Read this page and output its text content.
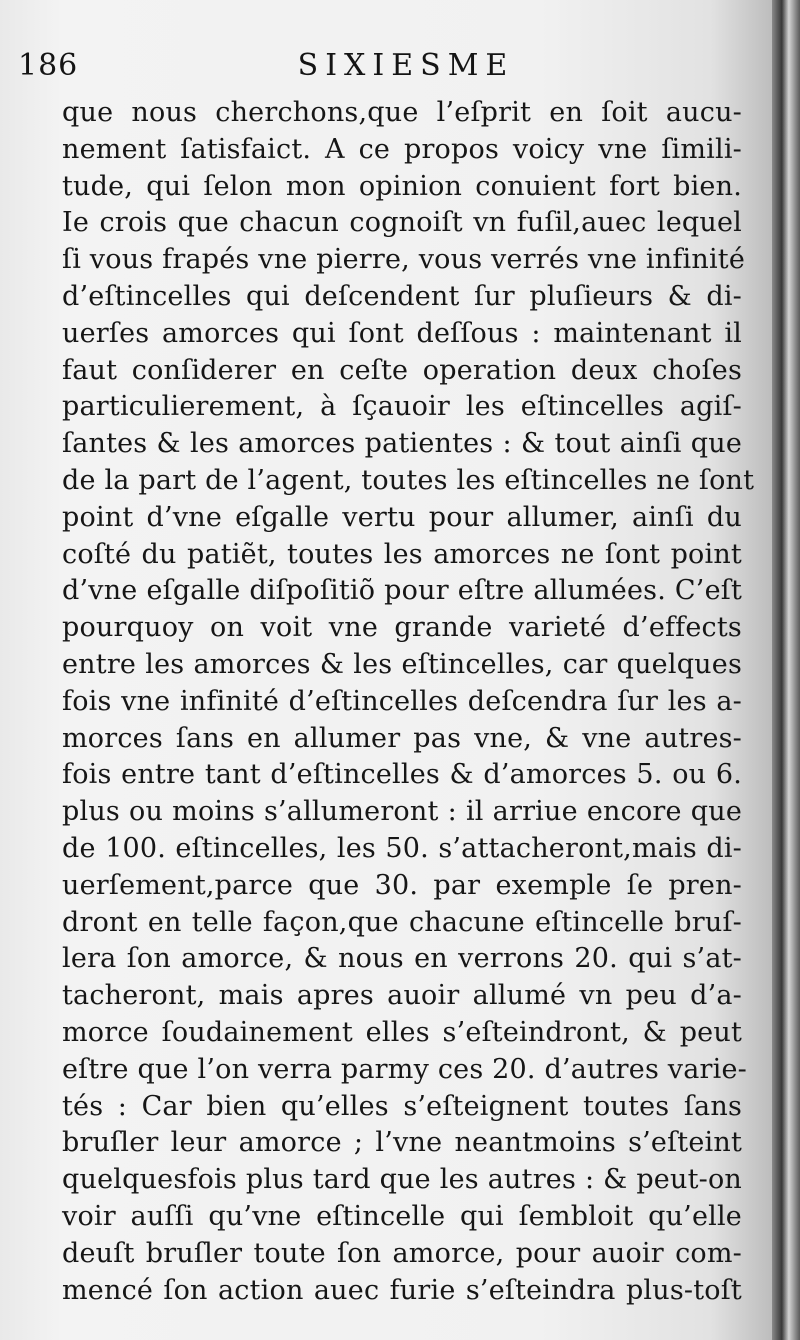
186	SIXIESME
que nous cherchons,que l’eſprit en ſoit aucu-
nement ſatisfaict. A ce propos voicy vne ſimili-
tude, qui ſelon mon opinion conuient fort bien.
Ie crois que chacun cognoiſt vn fuſil,auec lequel
ſi vous frapés vne pierre, vous verrés vne infinité
d’eſtincelles qui deſcendent ſur pluſieurs & di-
uerſes amorces qui ſont deſſous : maintenant il
faut conſiderer en ceſte operation deux choſes
particulierement, à ſçauoir les eſtincelles agiſ-
ſantes & les amorces patientes : & tout ainſi que
de la part de l’agent, toutes les eſtincelles ne ſont
point d’vne eſgalle vertu pour allumer, ainſi du
coſté du patiẽt, toutes les amorces ne ſont point
d’vne eſgalle diſpoſitiõ pour eſtre allumées. C’eſt
pourquoy on voit vne grande varieté d’effects
entre les amorces & les eſtincelles, car quelques
fois vne infinité d’eſtincelles deſcendra ſur les a-
morces ſans en allumer pas vne, & vne autres-
fois entre tant d’eſtincelles & d’amorces 5. ou 6.
plus ou moins s’allumeront : il arriue encore que
de 100. eſtincelles, les 50. s’attacheront,mais di-
uerſement,parce que 30. par exemple ſe pren-
dront en telle façon,que chacune eſtincelle bruſ-
lera ſon amorce, & nous en verrons 20. qui s’at-
tacheront, mais apres auoir allumé vn peu d’a-
morce ſoudainement elles s’eſteindront, & peut
eſtre que l’on verra parmy ces 20. d’autres varie-
tés : Car bien qu’elles s’eſteignent toutes ſans
bruſler leur amorce ; l’vne neantmoins s’eſteint
quelquesfois plus tard que les autres : & peut-on
voir auſſi qu’vne eſtincelle qui ſembloit qu’elle
deuſt bruſler toute ſon amorce, pour auoir com-
mencé ſon action auec furie s’eſteindra plus-toſt
